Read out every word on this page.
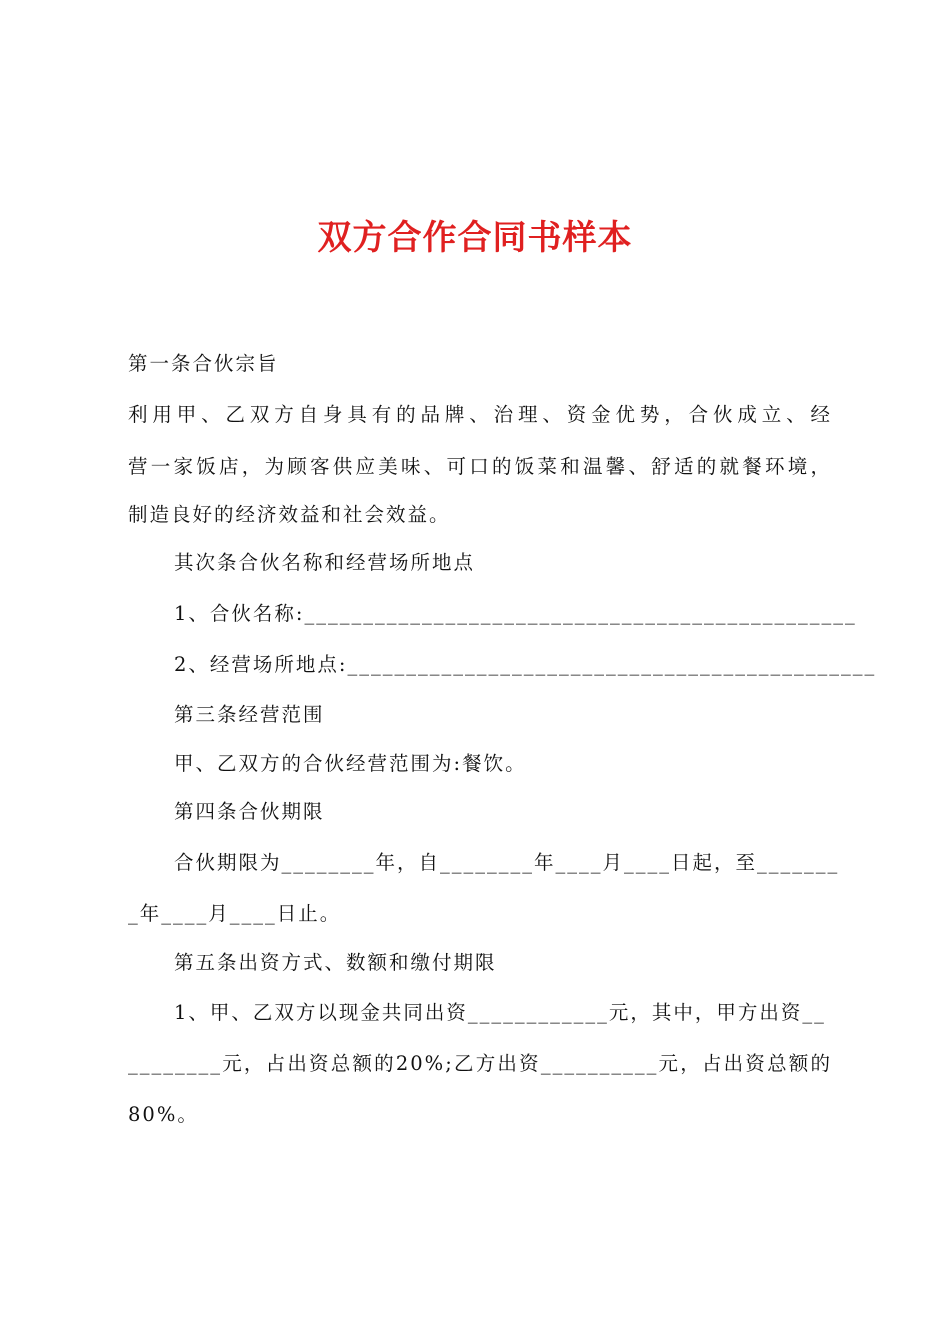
双方合作合同书样本
第一条合伙宗旨
利用甲、乙双方自身具有的品牌、治理、资金优势，合伙成立、经
营一家饭店，为顾客供应美味、可口的饭菜和温馨、舒适的就餐环境，
制造良好的经济效益和社会效益。
其次条合伙名称和经营场所地点
1、合伙名称:_______________________________________________
2、经营场所地点:_____________________________________________
第三条经营范围
甲、乙双方的合伙经营范围为:餐饮。
第四条合伙期限
合伙期限为________年，自________年____月____日起，至_______
_年____月____日止。
第五条出资方式、数额和缴付期限
1、甲、乙双方以现金共同出资____________元，其中，甲方出资__
________元，占出资总额的20%;乙方出资__________元，占出资总额的
80%。
